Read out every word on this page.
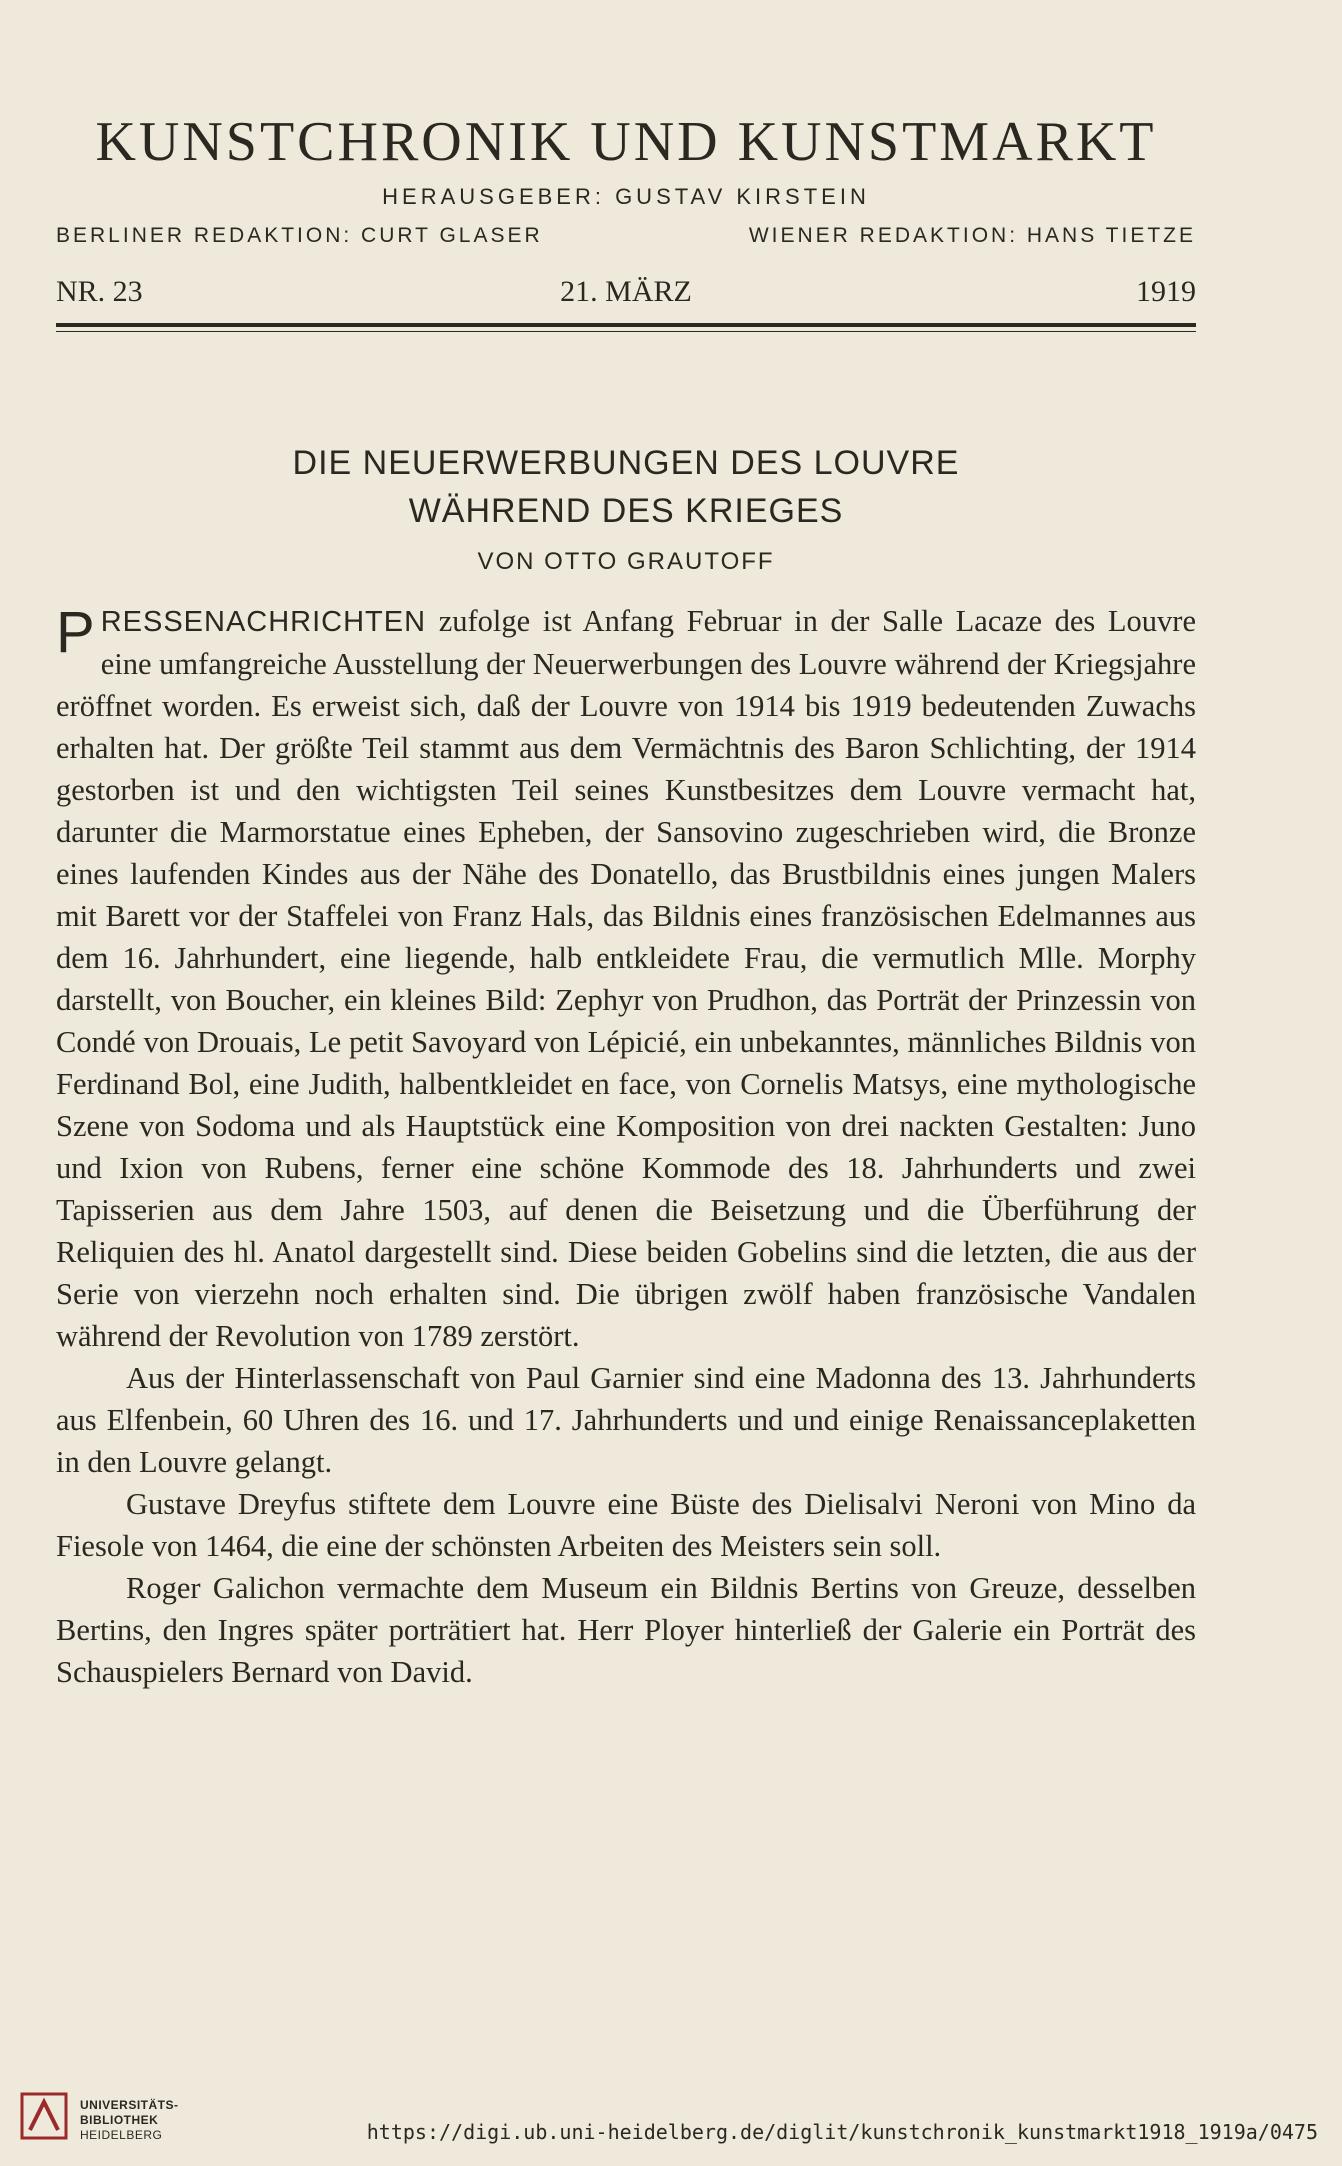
KUNSTCHRONIK UND KUNSTMARKT
HERAUSGEBER: GUSTAV KIRSTEIN
BERLINER REDAKTION: CURT GLASER	WIENER REDAKTION: HANS TIETZE
NR. 23	21. MÄRZ	1919
DIE NEUERWERBUNGEN DES LOUVRE
WÄHREND DES KRIEGES
VON OTTO GRAUTOFF

PRESSENACHRICHTEN zufolge ist Anfang Februar in der Salle Lacaze des Louvre eine umfangreiche Ausstellung der Neuerwerbungen des Louvre während der Kriegsjahre eröffnet worden. Es erweist sich, daß der Louvre von 1914 bis 1919 bedeutenden Zuwachs erhalten hat. Der größte Teil stammt aus dem Vermächtnis des Baron Schlichting, der 1914 gestorben ist und den wichtigsten Teil seines Kunstbesitzes dem Louvre vermacht hat, darunter die Marmorstatue eines Epheben, der Sansovino zugeschrieben wird, die Bronze eines laufenden Kindes aus der Nähe des Donatello, das Brustbildnis eines jungen Malers mit Barett vor der Staffelei von Franz Hals, das Bildnis eines französischen Edelmannes aus dem 16. Jahrhundert, eine liegende, halb entkleidete Frau, die vermutlich Mlle. Morphy darstellt, von Boucher, ein kleines Bild: Zephyr von Prudhon, das Porträt der Prinzessin von Condé von Drouais, Le petit Savoyard von Lépicié, ein unbekanntes, männliches Bildnis von Ferdinand Bol, eine Judith, halbentkleidet en face, von Cornelis Matsys, eine mythologische Szene von Sodoma und als Hauptstück eine Komposition von drei nackten Gestalten: Juno und Ixion von Rubens, ferner eine schöne Kommode des 18. Jahrhunderts und zwei Tapisserien aus dem Jahre 1503, auf denen die Beisetzung und die Überführung der Reliquien des hl. Anatol dargestellt sind. Diese beiden Gobelins sind die letzten, die aus der Serie von vierzehn noch erhalten sind. Die übrigen zwölf haben französische Vandalen während der Revolution von 1789 zerstört.

Aus der Hinterlassenschaft von Paul Garnier sind eine Madonna des 13. Jahrhunderts aus Elfenbein, 60 Uhren des 16. und 17. Jahrhunderts und und einige Renaissanceplaketten in den Louvre gelangt.

Gustave Dreyfus stiftete dem Louvre eine Büste des Dielisalvi Neroni von Mino da Fiesole von 1464, die eine der schönsten Arbeiten des Meisters sein soll.

Roger Galichon vermachte dem Museum ein Bildnis Bertins von Greuze, desselben Bertins, den Ingres später porträtiert hat. Herr Ployer hinterließ der Galerie ein Porträt des Schauspielers Bernard von David.

UNIVERSITÄTS-
BIBLIOTHEK
HEIDELBERG	https://digi.ub.uni-heidelberg.de/diglit/kunstchronik_kunstmarkt1918_1919a/0475
